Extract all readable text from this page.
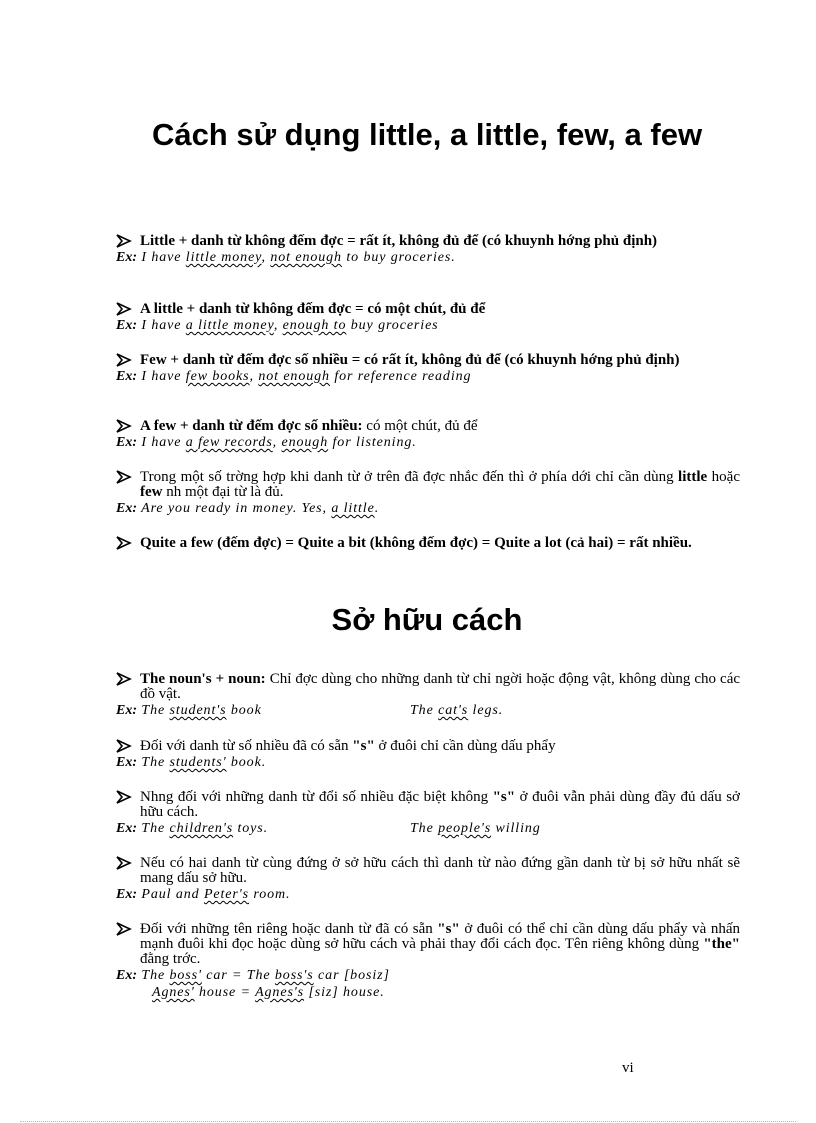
Cách sử dụng little, a little, few, a few
Little + danh từ không đếm đợc = rất ít, không đủ để (có khuynh hớng phủ định)
Ex: I have little money, not enough to buy groceries.
A little + danh từ không đếm đợc = có một chút, đủ để
Ex: I have a little money, enough to buy groceries
Few + danh từ đếm đợc số nhiều = có rất ít, không đủ để (có khuynh hớng phủ định)
Ex: I have few books, not enough for reference reading
A few + danh từ đếm đợc số nhiều: có một chút, đủ để
Ex: I have a few records, enough for listening.
Trong một số trờng hợp khi danh từ ở trên đã đợc nhắc đến thì ở phía dới chỉ cần dùng little hoặc few nh một đại từ là đủ.
Ex: Are you ready in money. Yes, a little.
Quite a few (đếm đợc) = Quite a bit (không đếm đợc) = Quite a lot (cả hai) = rất nhiều.
Sở hữu cách
The noun's + noun: Chỉ đợc dùng cho những danh từ chỉ ngời hoặc động vật, không dùng cho các đồ vật.
Ex: The student's book	The cat's legs.
Đối với danh từ số nhiều đã có sẵn "s" ở đuôi chỉ cần dùng dấu phẩy
Ex: The students' book.
Nhng đối với những danh từ đổi số nhiều đặc biệt không "s" ở đuôi vẫn phải dùng đầy đủ dấu sở hữu cách.
Ex: The children's toys.	The people's willing
Nếu có hai danh từ cùng đứng ở sở hữu cách thì danh từ nào đứng gần danh từ bị sở hữu nhất sẽ mang dấu sở hữu.
Ex: Paul and Peter's room.
Đối với những tên riêng hoặc danh từ đã có sẵn "s" ở đuôi có thể chỉ cần dùng dấu phẩy và nhấn mạnh đuôi khi đọc hoặc dùng sở hữu cách và phải thay đổi cách đọc. Tên riêng không dùng "the" đằng trớc.
Ex: The boss' car = The boss's car [bosiz]
Agnes' house = Agnes's [siz] house.
vi
